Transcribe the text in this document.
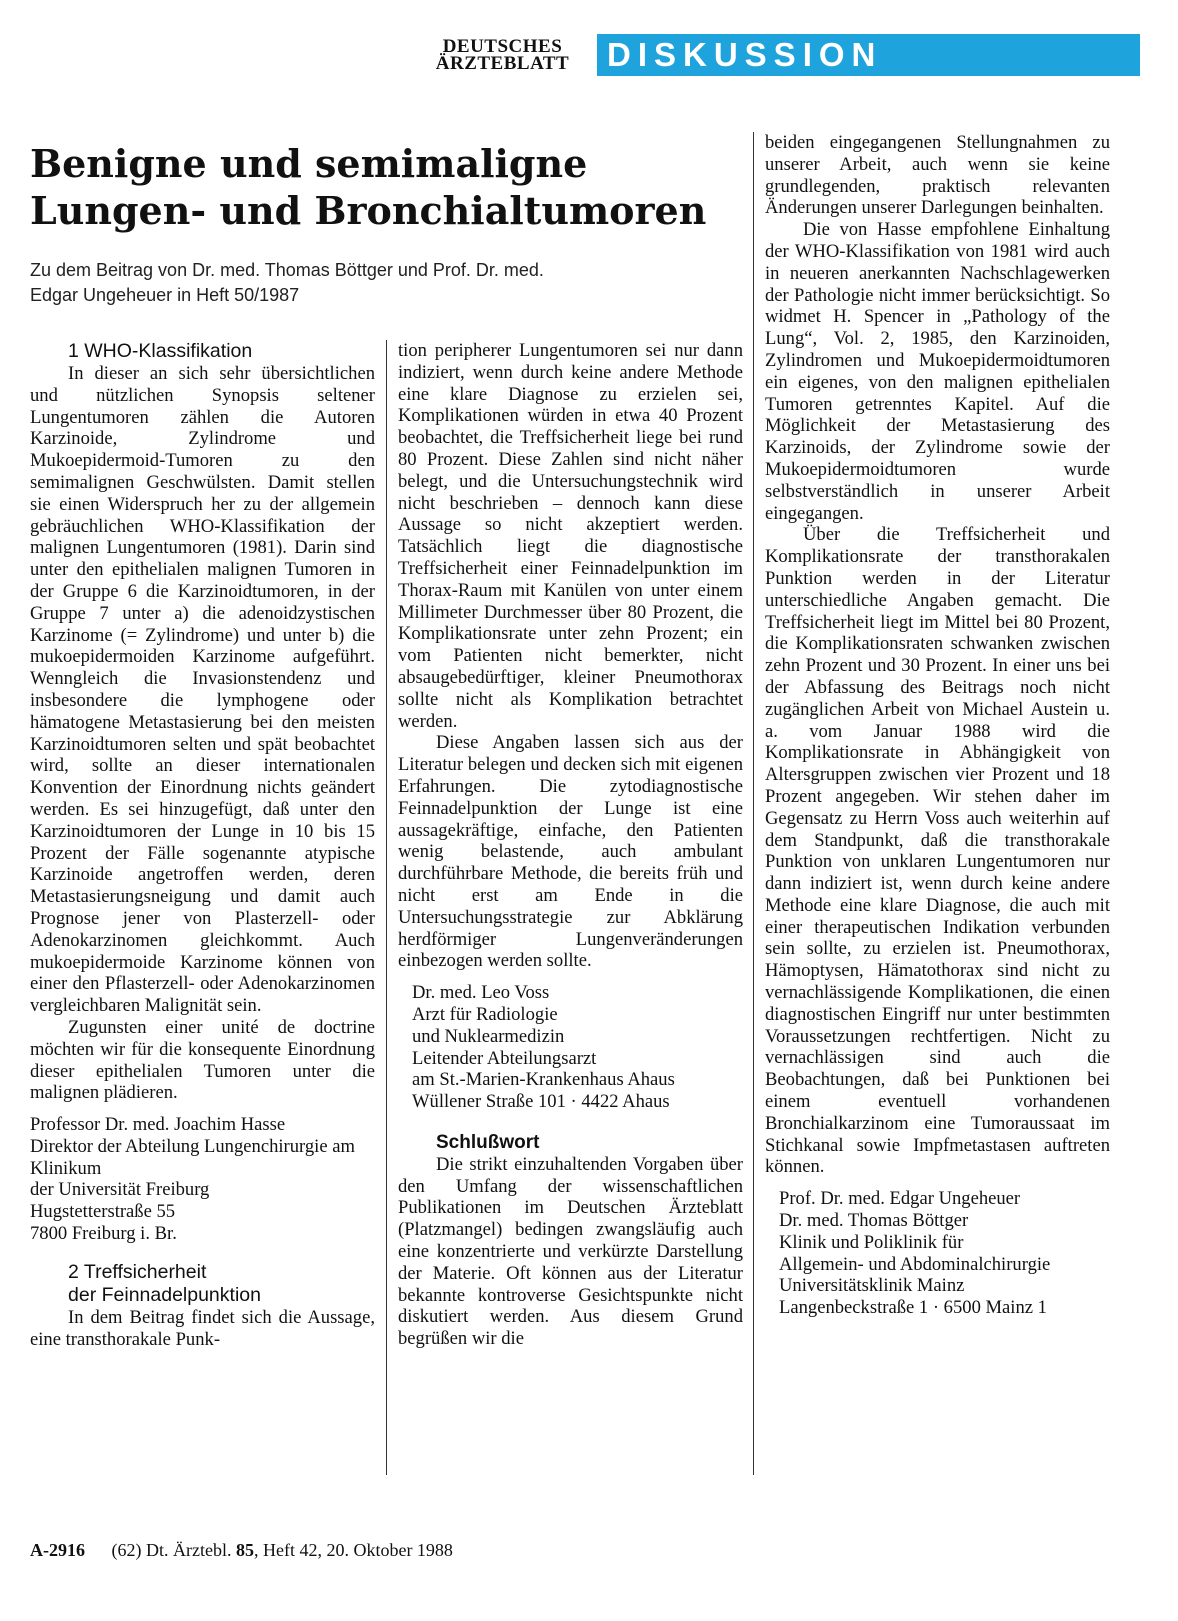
DEUTSCHES
ÄRZTEBLATT	DISKUSSION
Benigne und semimaligne Lungen- und Bronchialtumoren
Zu dem Beitrag von Dr. med. Thomas Böttger und Prof. Dr. med. Edgar Ungeheuer in Heft 50/1987
1 WHO-Klassifikation

In dieser an sich sehr übersichtlichen und nützlichen Synopsis seltener Lungentumoren zählen die Autoren Karzinoide, Zylindrome und Mukoepidermoid-Tumoren zu den semimalignen Geschwülsten. Damit stellen sie einen Widerspruch her zu der allgemein gebräuchlichen WHO-Klassifikation der malignen Lungentumoren (1981). Darin sind unter den epithelialen malignen Tumoren in der Gruppe 6 die Karzinoidtumoren, in der Gruppe 7 unter a) die adenoidzystischen Karzinome (= Zylindrome) und unter b) die mukoepidermoiden Karzinome aufgeführt. Wenngleich die Invasionstendenz und insbesondere die lymphogene oder hämatogene Metastasierung bei den meisten Karzinoidtumoren selten und spät beobachtet wird, sollte an dieser internationalen Konvention der Einordnung nichts geändert werden. Es sei hinzugefügt, daß unter den Karzinoidtumoren der Lunge in 10 bis 15 Prozent der Fälle sogenannte atypische Karzinoide angetroffen werden, deren Metastasierungsneigung und damit auch Prognose jener von Plasterzell- oder Adenokarzinomen gleichkommt. Auch mukoepidermoide Karzinome können von einer den Pflasterzell- oder Adenokarzinomen vergleichbaren Malignität sein.

Zugunsten einer unité de doctrine möchten wir für die konsequente Einordnung dieser epithelialen Tumoren unter die malignen plädieren.

Professor Dr. med. Joachim Hasse
Direktor der Abteilung Lungenchirurgie am Klinikum
der Universität Freiburg
Hugstetterstraße 55
7800 Freiburg i. Br.
2 Treffsicherheit
der Feinnadelpunktion

In dem Beitrag findet sich die Aussage, eine transthorakale Punk-

tion peripherer Lungentumoren sei nur dann indiziert, wenn durch keine andere Methode eine klare Diagnose zu erzielen sei, Komplikationen würden in etwa 40 Prozent beobachtet, die Treffsicherheit liege bei rund 80 Prozent. Diese Zahlen sind nicht näher belegt, und die Untersuchungstechnik wird nicht beschrieben – dennoch kann diese Aussage so nicht akzeptiert werden. Tatsächlich liegt die diagnostische Treffsicherheit einer Feinnadelpunktion im Thorax-Raum mit Kanülen von unter einem Millimeter Durchmesser über 80 Prozent, die Komplikationsrate unter zehn Prozent; ein vom Patienten nicht bemerkter, nicht absaugebedürftiger, kleiner Pneumothorax sollte nicht als Komplikation betrachtet werden.

Diese Angaben lassen sich aus der Literatur belegen und decken sich mit eigenen Erfahrungen. Die zytodiagnostische Feinnadelpunktion der Lunge ist eine aussagekräftige, einfache, den Patienten wenig belastende, auch ambulant durchführbare Methode, die bereits früh und nicht erst am Ende in die Untersuchungsstrategie zur Abklärung herdförmiger Lungenveränderungen einbezogen werden sollte.

Dr. med. Leo Voss
Arzt für Radiologie
und Nuklearmedizin
Leitender Abteilungsarzt
am St.-Marien-Krankenhaus Ahaus
Wüllener Straße 101 · 4422 Ahaus
Schlußwort

Die strikt einzuhaltenden Vorgaben über den Umfang der wissenschaftlichen Publikationen im Deutschen Ärzteblatt (Platzmangel) bedingen zwangsläufig auch eine konzentrierte und verkürzte Darstellung der Materie. Oft können aus der Literatur bekannte kontroverse Gesichtspunkte nicht diskutiert werden. Aus diesem Grund begrüßen wir die

beiden eingegangenen Stellungnahmen zu unserer Arbeit, auch wenn sie keine grundlegenden, praktisch relevanten Änderungen unserer Darlegungen beinhalten.

Die von Hasse empfohlene Einhaltung der WHO-Klassifikation von 1981 wird auch in neueren anerkannten Nachschlagewerken der Pathologie nicht immer berücksichtigt. So widmet H. Spencer in „Pathology of the Lung“, Vol. 2, 1985, den Karzinoiden, Zylindromen und Mukoepidermoidtumoren ein eigenes, von den malignen epithelialen Tumoren getrenntes Kapitel. Auf die Möglichkeit der Metastasierung des Karzinoids, der Zylindrome sowie der Mukoepidermoidtumoren wurde selbstverständlich in unserer Arbeit eingegangen.

Über die Treffsicherheit und Komplikationsrate der transthorakalen Punktion werden in der Literatur unterschiedliche Angaben gemacht. Die Treffsicherheit liegt im Mittel bei 80 Prozent, die Komplikationsraten schwanken zwischen zehn Prozent und 30 Prozent. In einer uns bei der Abfassung des Beitrags noch nicht zugänglichen Arbeit von Michael Austein u. a. vom Januar 1988 wird die Komplikationsrate in Abhängigkeit von Altersgruppen zwischen vier Prozent und 18 Prozent angegeben. Wir stehen daher im Gegensatz zu Herrn Voss auch weiterhin auf dem Standpunkt, daß die transthorakale Punktion von unklaren Lungentumoren nur dann indiziert ist, wenn durch keine andere Methode eine klare Diagnose, die auch mit einer therapeutischen Indikation verbunden sein sollte, zu erzielen ist. Pneumothorax, Hämoptysen, Hämatothorax sind nicht zu vernachlässigende Komplikationen, die einen diagnostischen Eingriff nur unter bestimmten Voraussetzungen rechtfertigen. Nicht zu vernachlässigen sind auch die Beobachtungen, daß bei Punktionen bei einem eventuell vorhandenen Bronchialkarzinom eine Tumoraussaat im Stichkanal sowie Impfmetastasen auftreten können.

Prof. Dr. med. Edgar Ungeheuer
Dr. med. Thomas Böttger
Klinik und Poliklinik für
Allgemein- und Abdominalchirurgie
Universitätsklinik Mainz
Langenbeckstraße 1 · 6500 Mainz 1
A-2916 (62) Dt. Ärztebl. 85, Heft 42, 20. Oktober 1988
